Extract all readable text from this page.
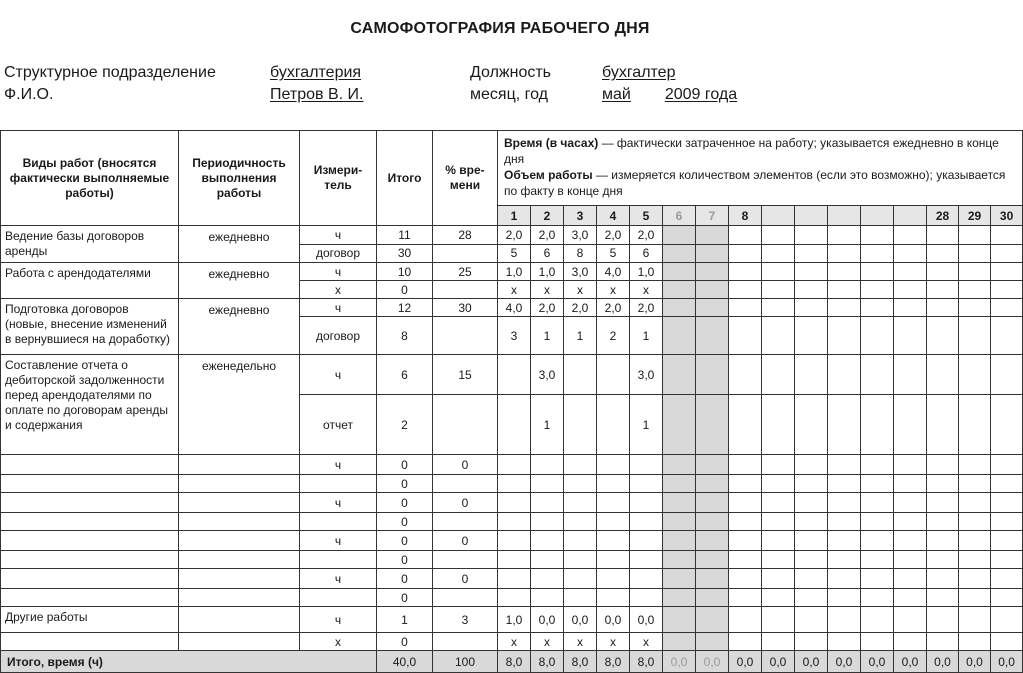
САМОФОТОГРАФИЯ РАБОЧЕГО ДНЯ
Структурное подразделение	бухгалтерия	Должность	бухгалтер
Ф.И.О.	Петров В. И.	месяц, год	май 2009 года
Виды работ (вносятся фактически выполняемые работы)	Периодичность выполнения работы	Измери-тель	Итого	% вре-мени	Время (в часах) — фактически затраченное на работу; указывается ежедневно в конце дня
Объем работы — измеряется количеством элементов (если это возможно); указывается по факту в конце дня															
					1	2	3	4	5	6	7	8						28	29	30
Ведение базы договоров аренды	ежедневно	ч	11	28	2,0	2,0	3,0	2,0	2,0											
		договор	30		5	6	8	5	6											
Работа с арендодателями	ежедневно	ч	10	25	1,0	1,0	3,0	4,0	1,0											
		х	0		х	х	х	х	х											
Подготовка договоров (новые, внесение изменений в вернувшиеся на доработку)	ежедневно	ч	12	30	4,0	2,0	2,0	2,0	2,0											
		договор	8		3	1	1	2	1											
Составление отчета о дебиторской задолженности перед арендодателями по оплате по договорам аренды и содержания	еженедельно	ч	6	15		3,0			3,0											
		отчет	2			1			1											
		ч	0	0																
			0																	
		ч	0	0																
			0																	
		ч	0	0																
			0																	
		ч	0	0																
			0																	
Другие работы		ч	1	3	1,0	0,0	0,0	0,0	0,0											
		х	0		х	х	х	х	х											
Итого, время (ч)			40,0	100	8,0	8,0	8,0	8,0	8,0	0,0	0,0	0,0	0,0	0,0	0,0	0,0	0,0	0,0	0,0	0,0
